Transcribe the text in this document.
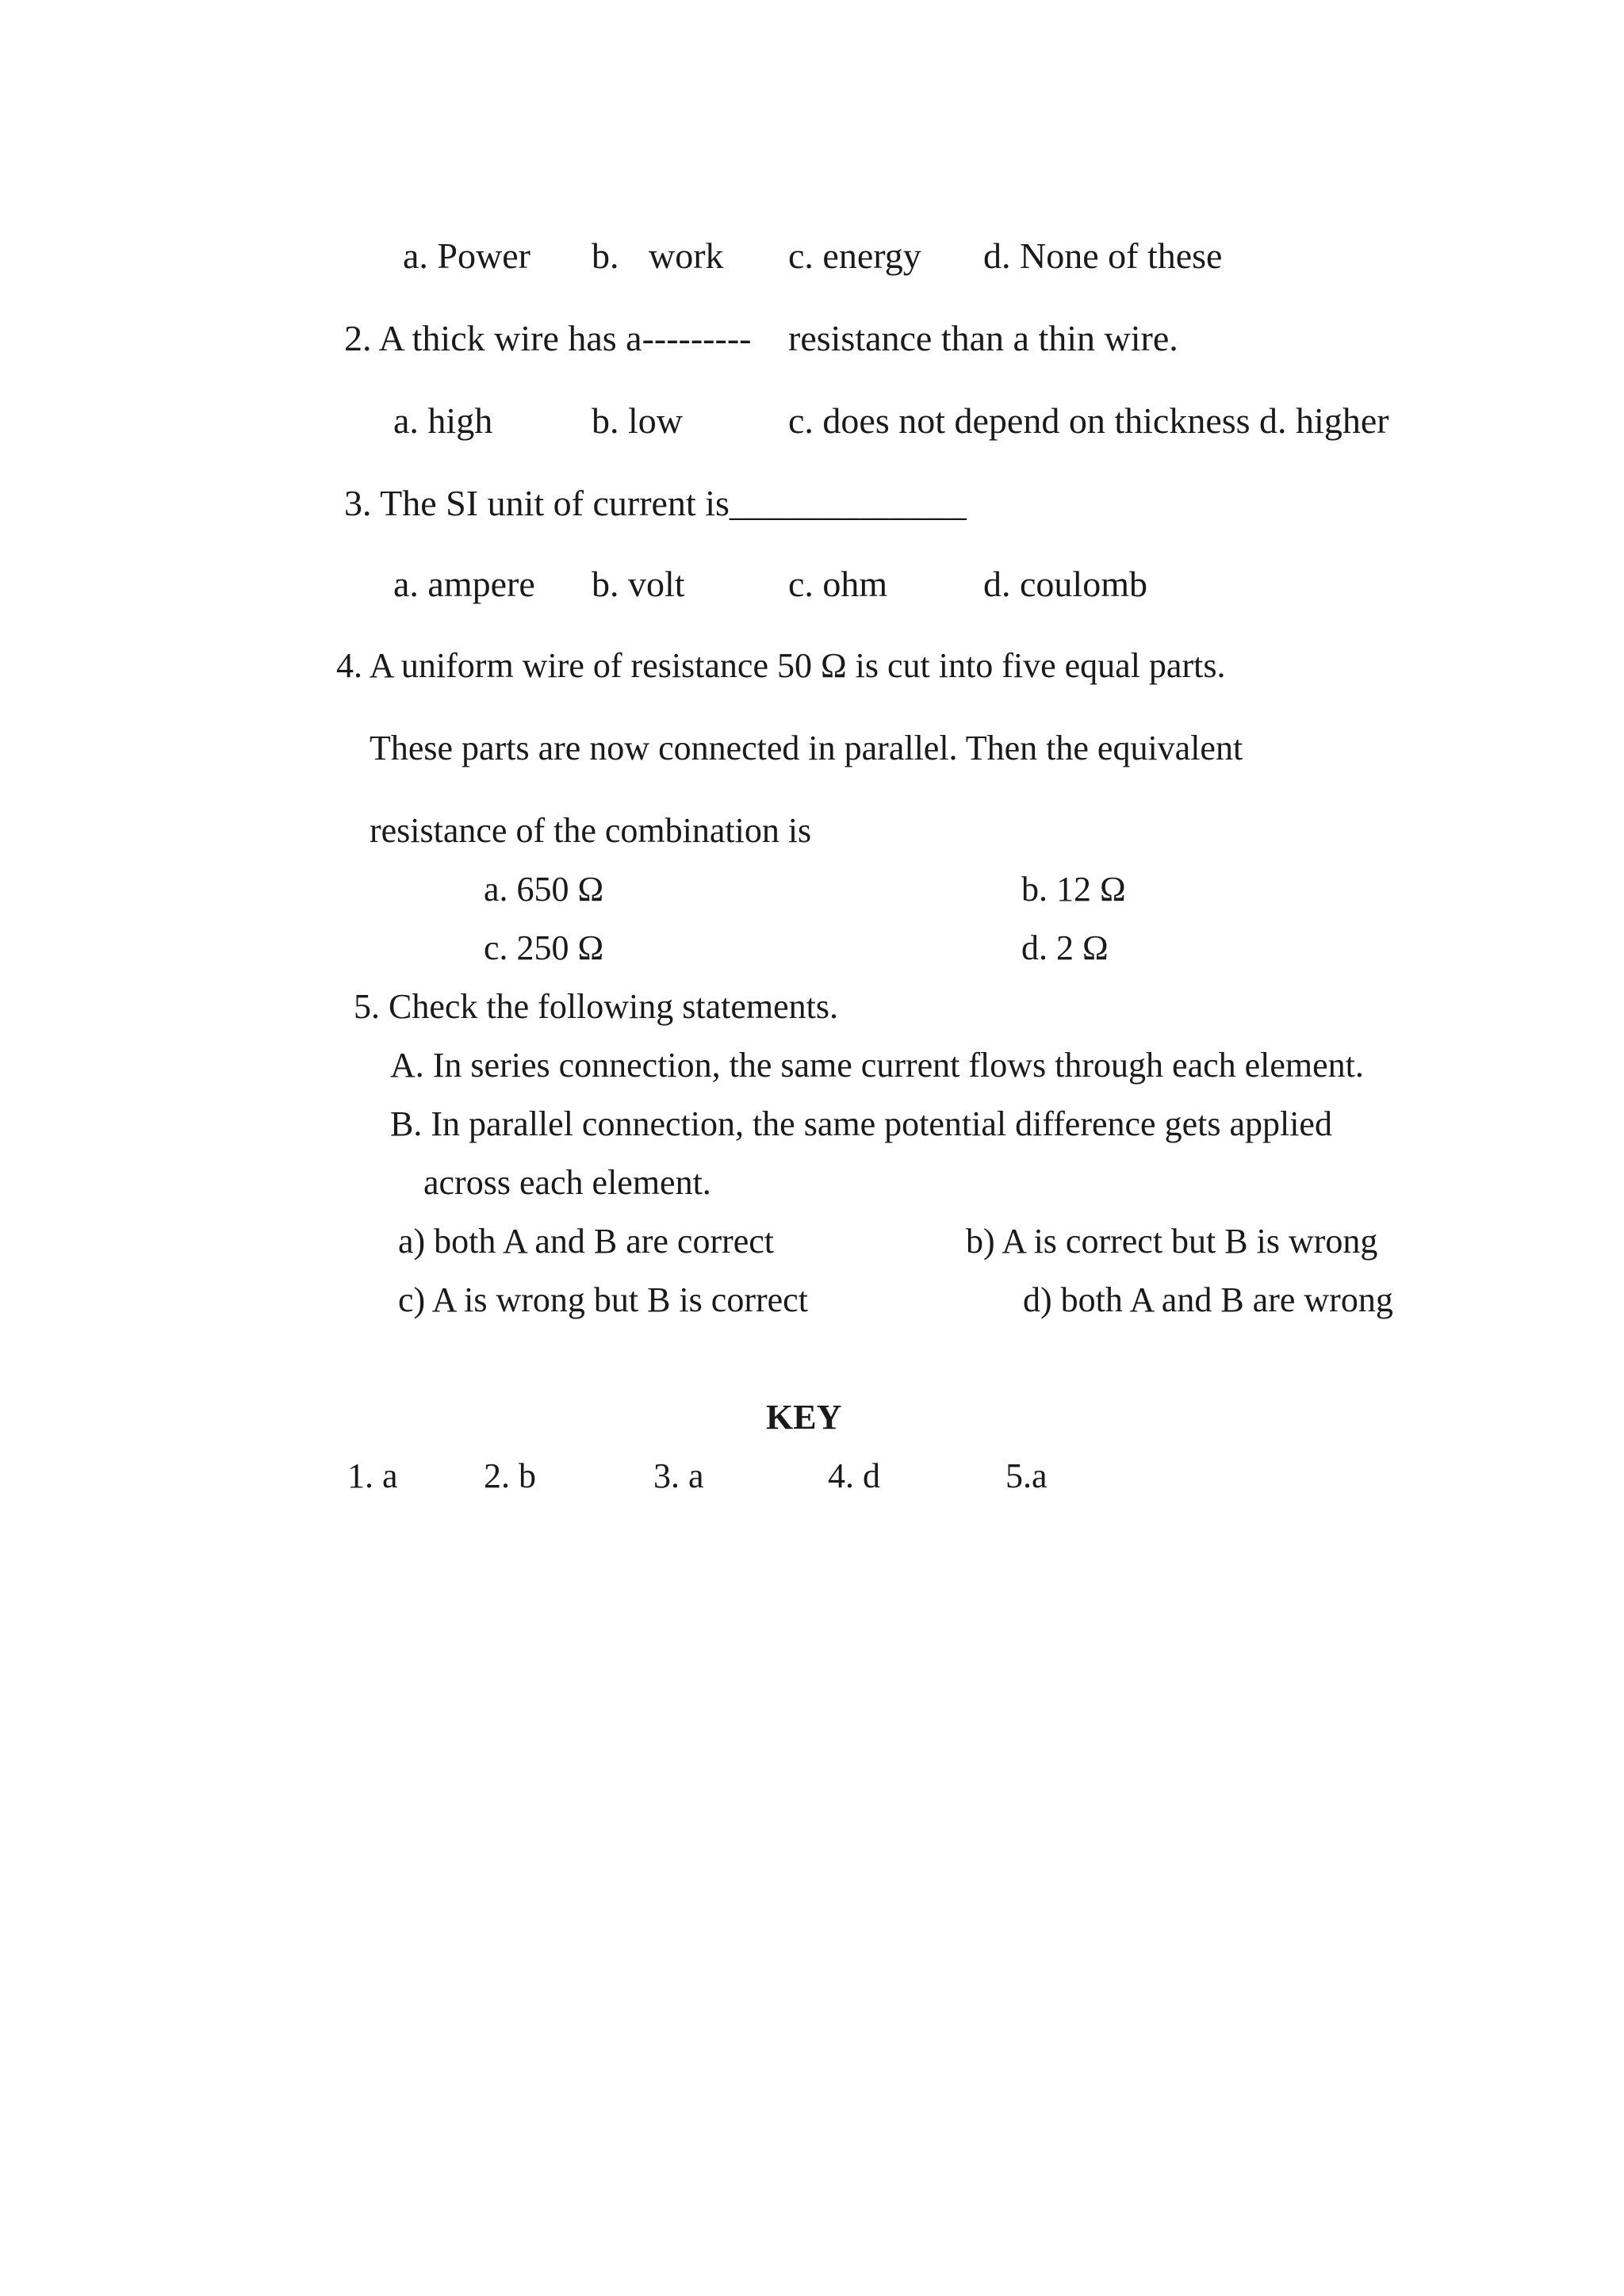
a. Power b. work c. energy d. None of these
2. A thick wire has a--------- resistance than a thin wire.
a. high	b. low	c. does not depend on thickness d. higher
3. The SI unit of current is_____________
a. ampere b. volt	c. ohm	d. coulomb
4. A uniform wire of resistance 50 Ω is cut into five equal parts.
These parts are now connected in parallel. Then the equivalent
resistance of the combination is
a. 650 Ω	b. 12 Ω
c. 250 Ω	d. 2 Ω
5. Check the following statements.
A. In series connection, the same current flows through each element.
B. In parallel connection, the same potential difference gets applied
across each element.
a) both A and B are correct	b) A is correct but B is wrong
c) A is wrong but B is correct	d) both A and B are wrong
KEY
1. a 2. b	3. a	4. d	5.a
